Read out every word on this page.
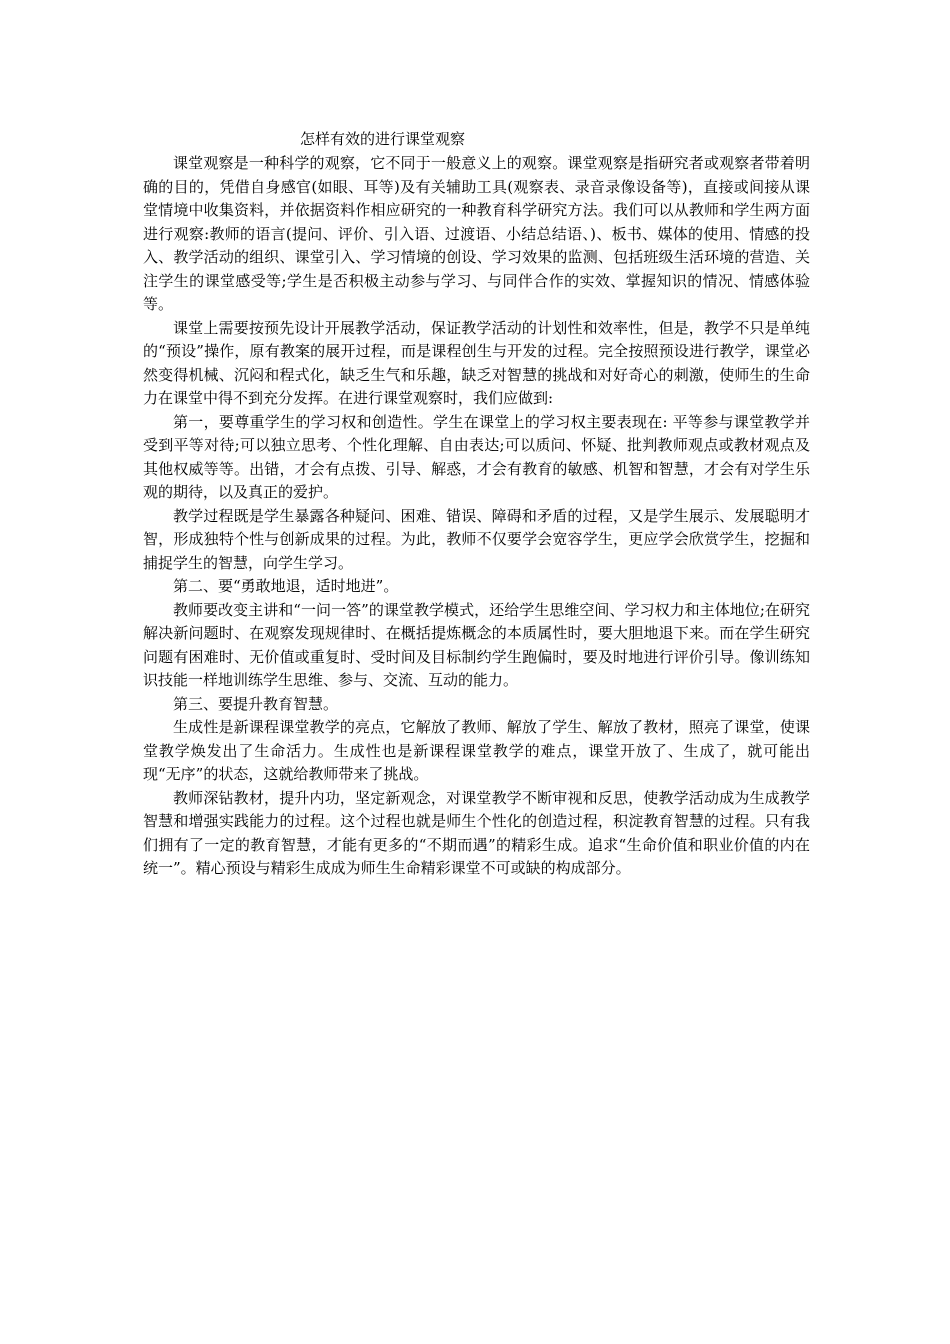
怎样有效的进行课堂观察

课堂观察是一种科学的观察，它不同于一般意义上的观察。课堂观察是指研究者或观察者带着明确的目的，凭借自身感官(如眼、耳等)及有关辅助工具(观察表、录音录像设备等)，直接或间接从课堂情境中收集资料，并依据资料作相应研究的一种教育科学研究方法。我们可以从教师和学生两方面进行观察:教师的语言(提问、评价、引入语、过渡语、小结总结语、)、板书、媒体的使用、情感的投入、教学活动的组织、课堂引入、学习情境的创设、学习效果的监测、包括班级生活环境的营造、关注学生的课堂感受等;学生是否积极主动参与学习、与同伴合作的实效、掌握知识的情况、情感体验等。

课堂上需要按预先设计开展教学活动，保证教学活动的计划性和效率性，但是，教学不只是单纯的“预设”操作，原有教案的展开过程，而是课程创生与开发的过程。完全按照预设进行教学，课堂必然变得机械、沉闷和程式化，缺乏生气和乐趣，缺乏对智慧的挑战和对好奇心的刺激，使师生的生命力在课堂中得不到充分发挥。在进行课堂观察时，我们应做到:

第一，要尊重学生的学习权和创造性。学生在课堂上的学习权主要表现在: 平等参与课堂教学并受到平等对待;可以独立思考、个性化理解、自由表达;可以质问、怀疑、批判教师观点或教材观点及其他权威等等。出错，才会有点拨、引导、解惑，才会有教育的敏感、机智和智慧，才会有对学生乐观的期待，以及真正的爱护。

教学过程既是学生暴露各种疑问、困难、错误、障碍和矛盾的过程，又是学生展示、发展聪明才智，形成独特个性与创新成果的过程。为此，教师不仅要学会宽容学生，更应学会欣赏学生，挖掘和捕捉学生的智慧，向学生学习。

第二、要“勇敢地退，适时地进”。

教师要改变主讲和“一问一答”的课堂教学模式，还给学生思维空间、学习权力和主体地位;在研究解决新问题时、在观察发现规律时、在概括提炼概念的本质属性时，要大胆地退下来。而在学生研究问题有困难时、无价值或重复时、受时间及目标制约学生跑偏时，要及时地进行评价引导。像训练知识技能一样地训练学生思维、参与、交流、互动的能力。

第三、要提升教育智慧。

生成性是新课程课堂教学的亮点，它解放了教师、解放了学生、解放了教材，照亮了课堂，使课堂教学焕发出了生命活力。生成性也是新课程课堂教学的难点，课堂开放了、生成了，就可能出现“无序”的状态，这就给教师带来了挑战。

教师深钻教材，提升内功，坚定新观念，对课堂教学不断审视和反思，使教学活动成为生成教学智慧和增强实践能力的过程。这个过程也就是师生个性化的创造过程，积淀教育智慧的过程。只有我们拥有了一定的教育智慧，才能有更多的“不期而遇”的精彩生成。追求“生命价值和职业价值的内在统一”。精心预设与精彩生成成为师生生命精彩课堂不可或缺的构成部分。
